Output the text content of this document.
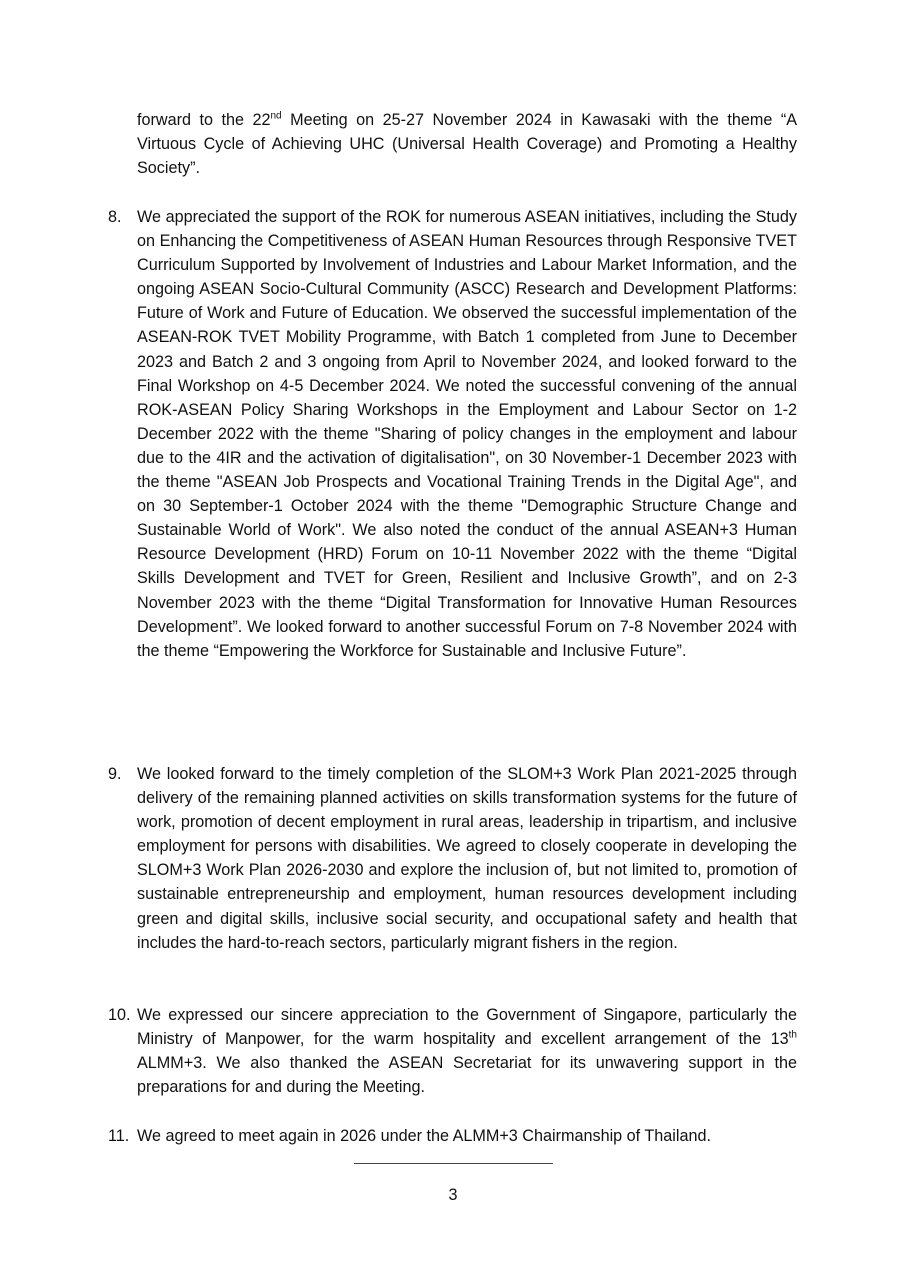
forward to the 22nd Meeting on 25-27 November 2024 in Kawasaki with the theme “A Virtuous Cycle of Achieving UHC (Universal Health Coverage) and Promoting a Healthy Society”.
8. We appreciated the support of the ROK for numerous ASEAN initiatives, including the Study on Enhancing the Competitiveness of ASEAN Human Resources through Responsive TVET Curriculum Supported by Involvement of Industries and Labour Market Information, and the ongoing ASEAN Socio-Cultural Community (ASCC) Research and Development Platforms: Future of Work and Future of Education. We observed the successful implementation of the ASEAN-ROK TVET Mobility Programme, with Batch 1 completed from June to December 2023 and Batch 2 and 3 ongoing from April to November 2024, and looked forward to the Final Workshop on 4-5 December 2024. We noted the successful convening of the annual ROK-ASEAN Policy Sharing Workshops in the Employment and Labour Sector on 1-2 December 2022 with the theme "Sharing of policy changes in the employment and labour due to the 4IR and the activation of digitalisation", on 30 November-1 December 2023 with the theme "ASEAN Job Prospects and Vocational Training Trends in the Digital Age", and on 30 September-1 October 2024 with the theme "Demographic Structure Change and Sustainable World of Work". We also noted the conduct of the annual ASEAN+3 Human Resource Development (HRD) Forum on 10-11 November 2022 with the theme “Digital Skills Development and TVET for Green, Resilient and Inclusive Growth”, and on 2-3 November 2023 with the theme “Digital Transformation for Innovative Human Resources Development”. We looked forward to another successful Forum on 7-8 November 2024 with the theme “Empowering the Workforce for Sustainable and Inclusive Future”.
9. We looked forward to the timely completion of the SLOM+3 Work Plan 2021-2025 through delivery of the remaining planned activities on skills transformation systems for the future of work, promotion of decent employment in rural areas, leadership in tripartism, and inclusive employment for persons with disabilities. We agreed to closely cooperate in developing the SLOM+3 Work Plan 2026-2030 and explore the inclusion of, but not limited to, promotion of sustainable entrepreneurship and employment, human resources development including green and digital skills, inclusive social security, and occupational safety and health that includes the hard-to-reach sectors, particularly migrant fishers in the region.
10. We expressed our sincere appreciation to the Government of Singapore, particularly the Ministry of Manpower, for the warm hospitality and excellent arrangement of the 13th ALMM+3. We also thanked the ASEAN Secretariat for its unwavering support in the preparations for and during the Meeting.
11. We agreed to meet again in 2026 under the ALMM+3 Chairmanship of Thailand.
3
